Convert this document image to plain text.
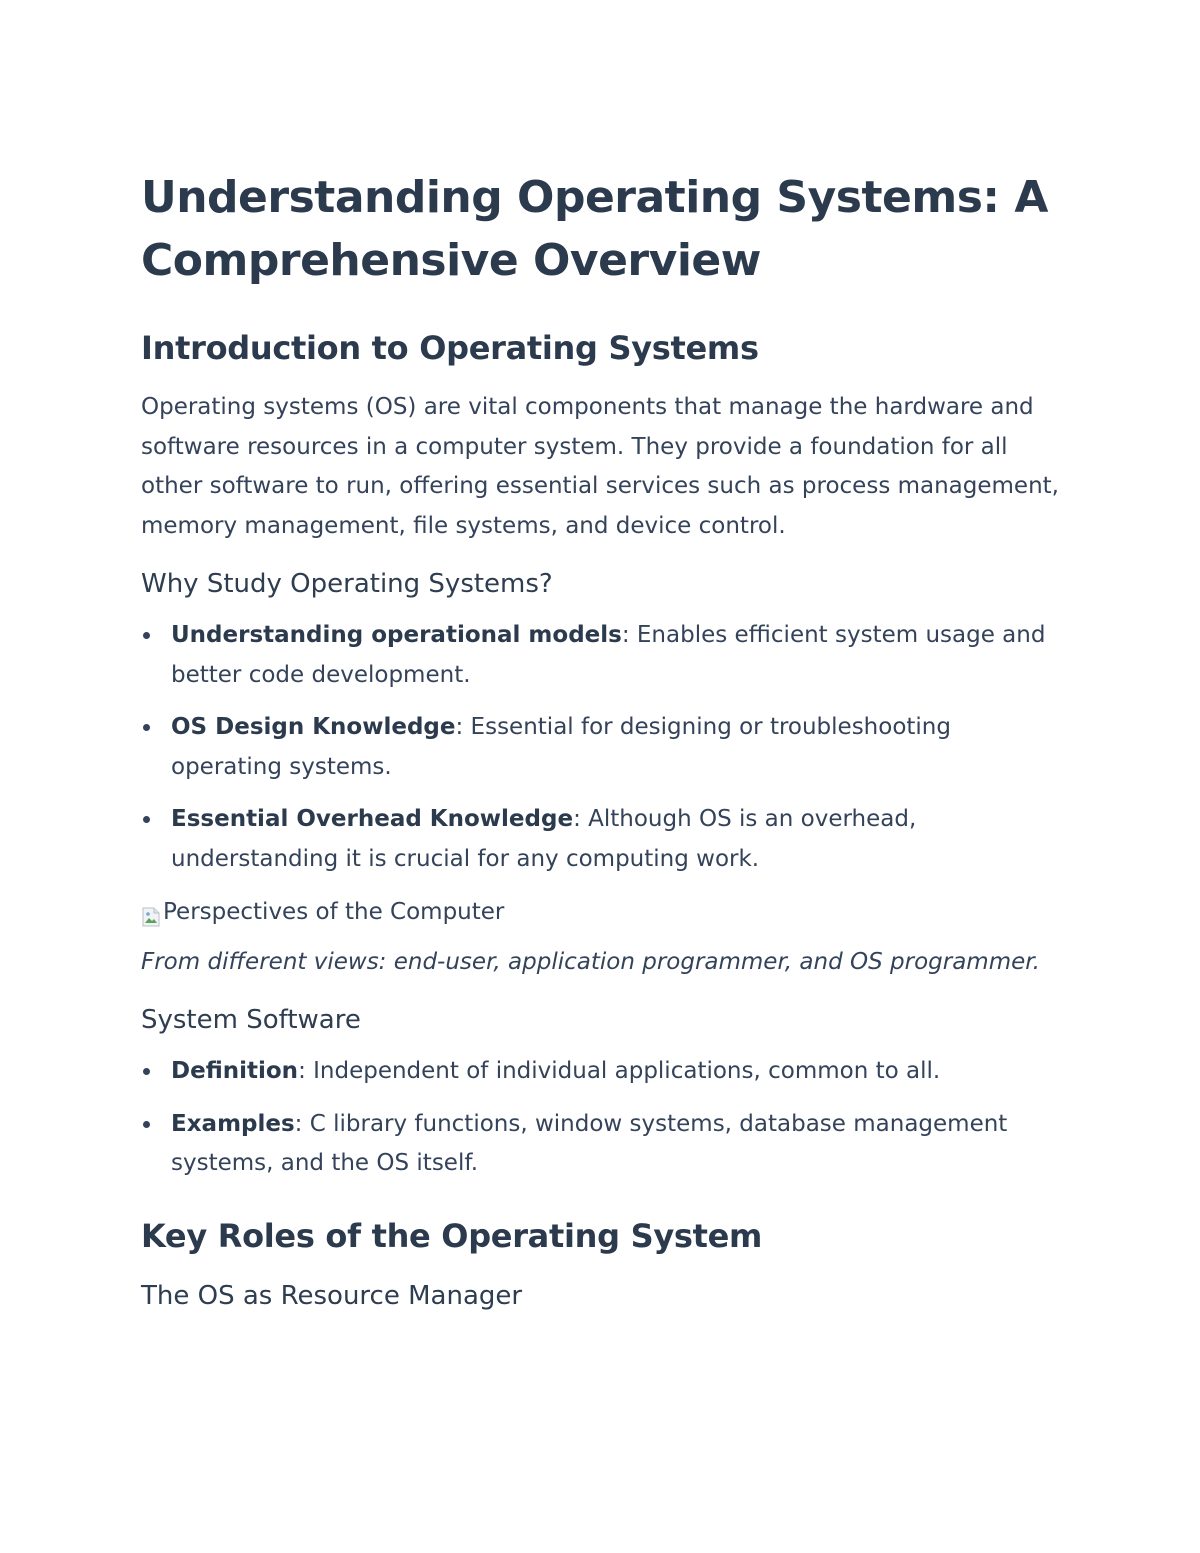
Understanding Operating Systems: A Comprehensive Overview
Introduction to Operating Systems

Operating systems (OS) are vital components that manage the hardware and software resources in a computer system. They provide a foundation for all other software to run, offering essential services such as process management, memory management, file systems, and device control.

Why Study Operating Systems?
Understanding operational models: Enables efficient system usage and better code development.
OS Design Knowledge: Essential for designing or troubleshooting operating systems.
Essential Overhead Knowledge: Although OS is an overhead, understanding it is crucial for any computing work.
Perspectives of the Computer

From different views: end-user, application programmer, and OS programmer.

System Software
Definition: Independent of individual applications, common to all.
Examples: C library functions, window systems, database management systems, and the OS itself.
Key Roles of the Operating System
The OS as Resource Manager
